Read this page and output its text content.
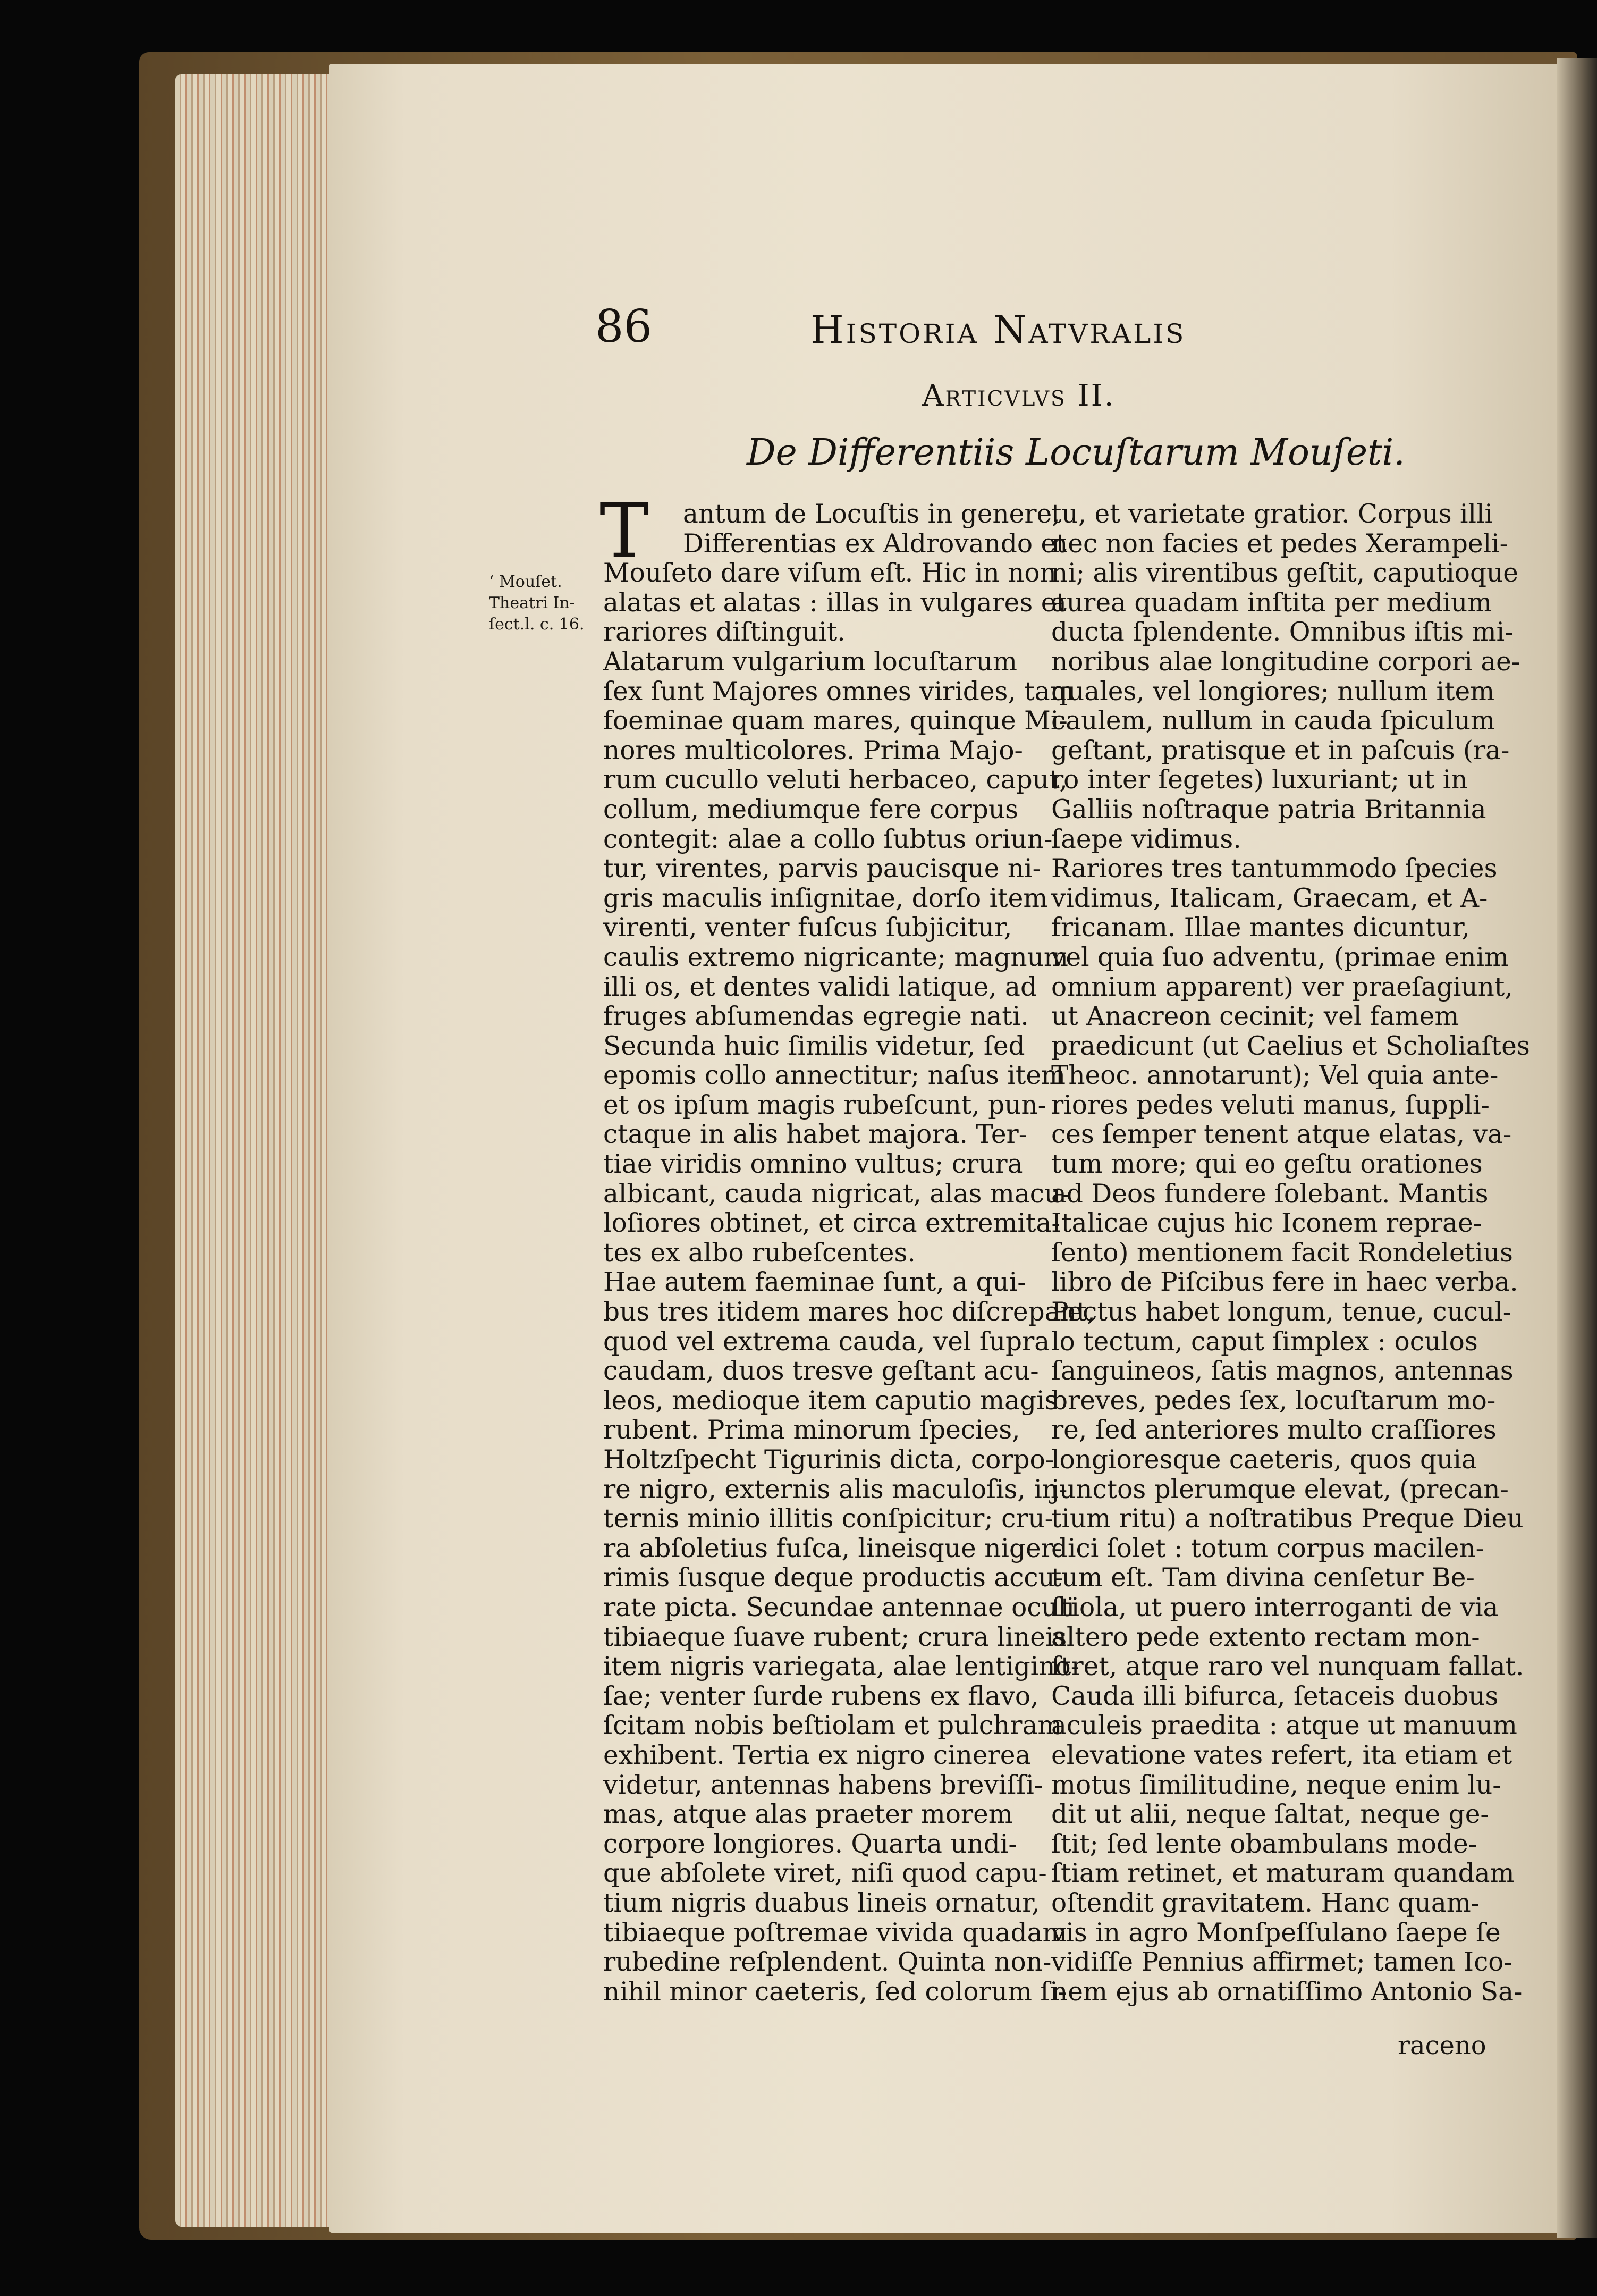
86	Historia Natvralis
Articvlvs II.
De Differentiis Locuſtarum Mouſeti.
‘ Mouſet.
Theatri In-
ſect.l. c. 16.
T	antum de Locuſtis in genere,
Differentias ex Aldrovando et
Mouſeto dare viſum eſt. Hic in non
alatas et alatas : illas in vulgares et
rariores diſtinguit.
Alatarum vulgarium locuſtarum
ſex ſunt Majores omnes virides, tam
foeminae quam mares, quinque Mi-
nores multicolores. Prima Majo-
rum cucullo veluti herbaceo, caput,
collum, mediumque fere corpus
contegit: alae a collo ſubtus oriun-
tur, virentes, parvis paucisque ni-
gris maculis inſignitae, dorſo item
virenti, venter fuſcus ſubjicitur,
caulis extremo nigricante; magnum
illi os, et dentes validi latique, ad
fruges abſumendas egregie nati.
Secunda huic ſimilis videtur, ſed
epomis collo annectitur; naſus item
et os ipſum magis rubeſcunt, pun-
ctaque in alis habet majora. Ter-
tiae viridis omnino vultus; crura
albicant, cauda nigricat, alas macu-
loſiores obtinet, et circa extremita-
tes ex albo rubeſcentes.
Hae autem faeminae ſunt, a qui-
bus tres itidem mares hoc diſcrepant,
quod vel extrema cauda, vel ſupra
caudam, duos tresve geſtant acu-
leos, medioque item caputio magis
rubent. Prima minorum ſpecies,
Holtzſpecht Tigurinis dicta, corpo-
re nigro, externis alis maculoſis, in-
ternis minio illitis conſpicitur; cru-
ra abſoletius fuſca, lineisque niger-
rimis ſusque deque productis accu-
rate picta. Secundae antennae oculi
tibiaeque ſuave rubent; crura lineis
item nigris variegata, alae lentigino-
ſae; venter ſurde rubens ex flavo,
ſcitam nobis beſtiolam et pulchram
exhibent. Tertia ex nigro cinerea
videtur, antennas habens breviſſi-
mas, atque alas praeter morem
corpore longiores. Quarta undi-
que abſolete viret, niſi quod capu-
tium nigris duabus lineis ornatur,
tibiaeque poſtremae vivida quadam
rubedine reſplendent. Quinta non-
nihil minor caeteris, ſed colorum ſi-
tu, et varietate gratior. Corpus illi
nec non facies et pedes Xerampeli-
ni; alis virentibus geſtit, caputioque
aurea quadam inſtita per medium
ducta ſplendente. Omnibus iſtis mi-
noribus alae longitudine corpori ae-
quales, vel longiores; nullum item
caulem, nullum in cauda ſpiculum
geſtant, pratisque et in paſcuis (ra-
ro inter ſegetes) luxuriant; ut in
Galliis noſtraque patria Britannia
ſaepe vidimus.
Rariores tres tantummodo ſpecies
vidimus, Italicam, Graecam, et A-
fricanam. Illae mantes dicuntur,
vel quia ſuo adventu, (primae enim
omnium apparent) ver praeſagiunt,
ut Anacreon cecinit; vel famem
praedicunt (ut Caelius et Scholiaſtes
Theoc. annotarunt); Vel quia ante-
riores pedes veluti manus, ſuppli-
ces ſemper tenent atque elatas, va-
tum more; qui eo geſtu orationes
ad Deos fundere ſolebant. Mantis
Italicae cujus hic Iconem reprae-
ſento) mentionem facit Rondeletius
libro de Piſcibus fere in haec verba.
Pectus habet longum, tenue, cucul-
lo tectum, caput ſimplex : oculos
ſanguineos, ſatis magnos, antennas
breves, pedes ſex, locuſtarum mo-
re, ſed anteriores multo craſſiores
longioresque caeteris, quos quia
junctos plerumque elevat, (precan-
tium ritu) a noſtratibus Preque Dieu
dici ſolet : totum corpus macilen-
tum eſt. Tam divina cenſetur Be-
ſtiola, ut puero interroganti de via
altero pede extento rectam mon-
ſtret, atque raro vel nunquam fallat.
Cauda illi bifurca, ſetaceis duobus
aculeis praedita : atque ut manuum
elevatione vates refert, ita etiam et
motus ſimilitudine, neque enim lu-
dit ut alii, neque ſaltat, neque ge-
ſtit; ſed lente obambulans mode-
ſtiam retinet, et maturam quandam
oſtendit gravitatem. Hanc quam-
vis in agro Monſpeſſulano ſaepe ſe
vidiſſe Pennius affirmet; tamen Ico-
nem ejus ab ornatiſſimo Antonio Sa-
raceno
